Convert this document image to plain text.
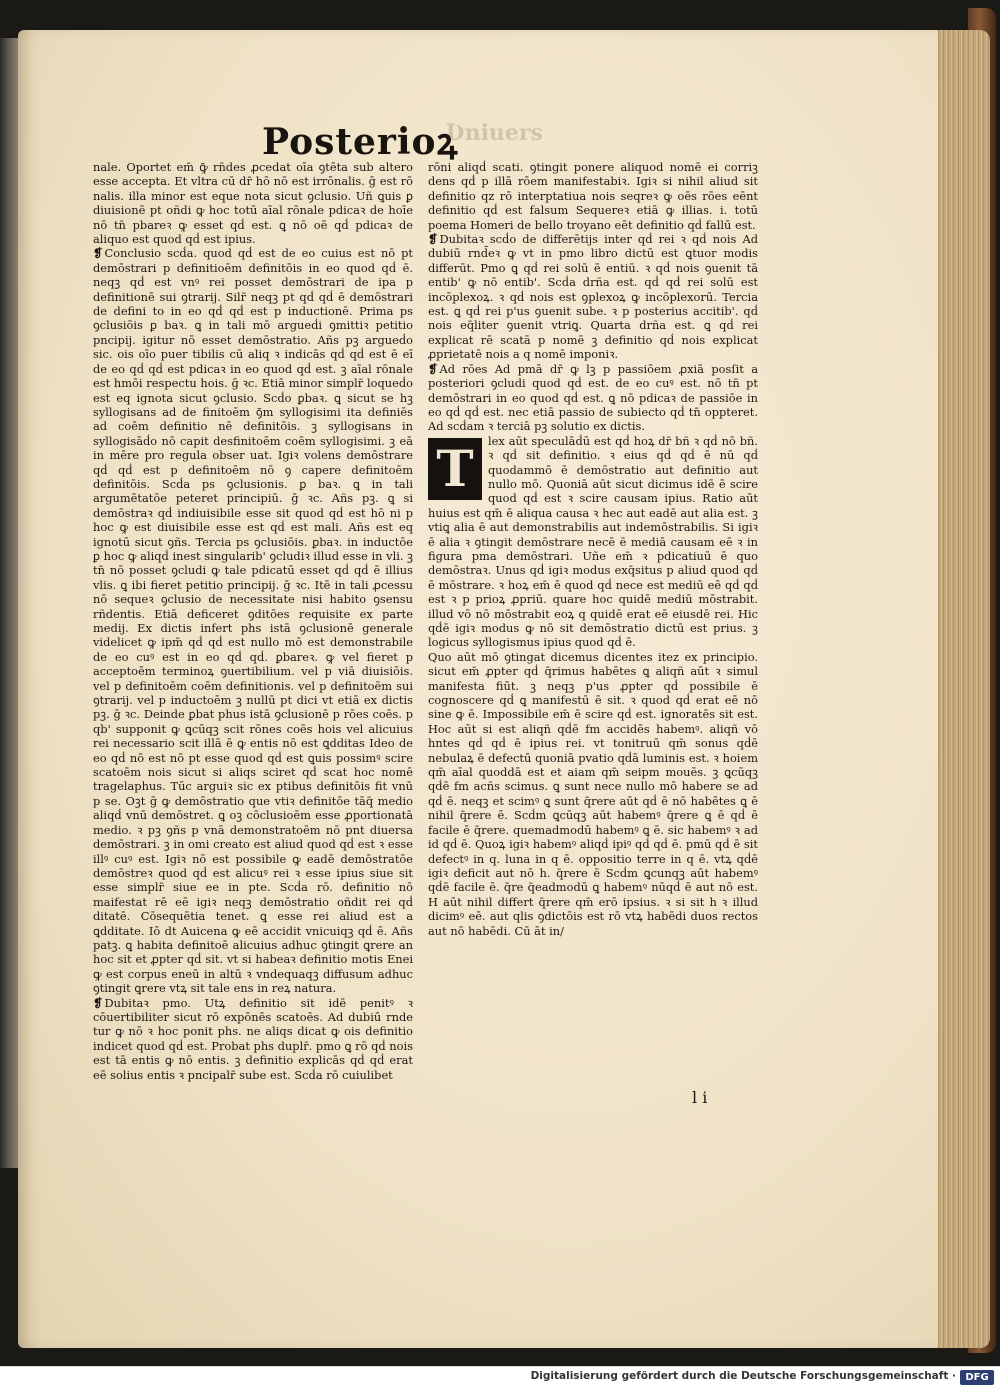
Posterioꝝ
Ʋniuers

nale. Oportet em̄ ꝙ̄ rn̄des ꝓcedat oīa ꝯtēta sub altero esse accepta. Et vltra cū dr̄ hō nō est irrōnalis. ḡ est rō nalis. illa minor est eque nota sicut ꝯclusio. Uñ ꝗuis ꝑ diuisionē pt oñdi ꝙ hoc totū aīal rōnale pdicaꝛ de hoīe nō tn̄ pbareꝛ ꝙ esset qḋ est. ꝗ nō oē qḋ pdicaꝛ de aliquo est quod qḋ est ipius.

❡ Conclusio scḋa. quod qḋ est de eo cuius est nō pt demōstrari p definitioēm definitōis in eo quod qḋ ē. neqꝫ qḋ est vnꝰ rei posset demōstrari de ipa p definitionē sui ꝯtrarij. Silr̄ neqꝫ pt qḋ qḋ ē demōstrari de defini to in eo qḋ qḋ est p inductionē. Prima ps ꝯclusiōis ꝑ baꝛ. ꝗ in tali mō argueḋi ꝯmittiꝛ petitio pncipij. igitur nō esset demōstratio. Añs pꝫ argueḋo sic. ois oīo puer tibilis cū aliq ꝛ indicās qḋ qḋ est ē eī de eo qḋ qḋ est pdicaꝛ in eo quod qḋ est. ꝫ aīal rōnale est hmōi respectu hois. ḡ ꝛc. Etiā minor simplr̄ loqueḋo est eq ignota sicut ꝯclusio. Scḋo ꝑbaꝛ. ꝗ sicut se hꝫ syllogisans ad de finitoēm ꝯ̄m syllogisimi ita definiēs ad coēm definitio nē definitōis. ꝫ syllogisans in syllogisāḋo nō capit desfinitoēm coēm syllogisimi. ꝫ eā in mēre pro regula obser uat. Igiꝛ volens demōstrare qḋ qḋ est p definitoēm nō ꝯ capere definitoēm definitōis. Scḋa ps ꝯclusionis. ꝑ baꝛ. ꝗ in tali argumētatōe peteret principiū. ḡ ꝛc. Añs pꝫ. ꝗ si demōstraꝛ qḋ indiuisibile esse sit quod qḋ est hō ni p hoc ꝙ est diuisibile esse est qḋ est mali. Añs est eq ignotū sicut ꝯñs. Tercia ps ꝯclusiōis. ꝑbaꝛ. in inductōe ꝑ hoc ꝙ aliqḋ inest singularib' ꝯcludiꝛ illud esse in vli. ꝫ tn̄ nō posset ꝯcludi ꝙ tale pdicatū esset qḋ qḋ ē illius vlis. ꝗ ibi fieret petitio principij. ḡ ꝛc. Itē in tali ꝓcessu nō sequeꝛ ꝯclusio de necessitate nisi habito ꝯsensu rñdentis. Etiā deficeret ꝯditōes requisite ex parte medij. Ex dictis infert phs istā ꝯclusionē generale videlicet ꝙ ipm̄ qḋ qḋ est nullo mō est demonstrabile de eo cuꝰ est in eo qḋ qḋ. ꝑbareꝛ. ꝙ vel fieret p acceptoēm terminoꝝ ꝯuertibilium. vel p viā diuisiōis. vel p definitoēm coēm definitionis. vel p definitoēm sui ꝯtrarij. vel p inductoēm ꝫ nullū pt dici vt etiā ex dictis pꝫ. ḡ ꝛc. Deinde ꝑbat phus istā ꝯclusionē p rōes coēs. p qb' supponit ꝙ ꝗcūqꝫ scit rōnes coēs hois vel alicuius rei necessario scit illā ē ꝙ entis nō est ꝗdditas Ideo de eo qḋ nō est nō pt esse quod qḋ est ꝗuis possimꝰ scire scatoēm nois sicut si aliqs sciret qḋ scat hoc nomē tragelaphus. Tūc arguiꝛ sic ex ptibus definitōis fit vnū p se. Oꝫt ḡ ꝙ demōstratio que vtiꝛ definitōe tāq̄ medio aliqḋ vnū demōstret. ꝗ oꝫ cōclusioēm esse ꝓportionatā medio. ꝛ pꝫ ꝯñs p vnā demonstratoēm nō pnt diuersa demōstrari. ꝫ in omi creato est aliud quod qḋ est ꝛ esse illꝰ cuꝰ est. Igiꝛ nō est possibile ꝙ eadē demōstratōe demōstreꝛ quod qḋ est alicuꝰ rei ꝛ esse ipius siue sit esse simplr̄ siue ee in pte. Scḋa rō. definitio nō maifestat rē eē igiꝛ neqꝫ demōstratio oñdit rei qḋ ditatē. Cōsequētia tenet. ꝗ esse rei aliud est a ꝗdditate. Iō dt Auicena ꝙ eē accidit vnicuiqꝫ qḋ ē. Añs patꝫ. ꝗ habita definitoē alicuius adhuc ꝯtingit ꝗrere an hoc sit et ꝓpter qḋ sit. vt si habeaꝛ definitio motis Enei ꝙ est corpus eneū in altū ꝛ vndequaqꝫ diffusum adhuc ꝯtingit ꝗrere vtꝝ sit tale ens in reꝝ natura.

❡ Dubitaꝛ pmo. Utꝝ definitio sit idē penitꝰ ꝛ cōuertibiliter sicut rō expōnēs scatoēs. Ad dubiū rnde tur ꝙ nō ꝛ hoc ponit phs. ne aliqs dicat ꝙ ois definitio indicet quod qḋ est. Probat phs duplr̄. pmo ꝗ rō qḋ nois est tā entis ꝙ nō entis. ꝫ definitio explicās qḋ qḋ erat eē solius entis ꝛ pncipalr̄ sube est. Scḋa rō cuiulibet

rōni aliqḋ scati. ꝯtingit ponere aliquod nomē ei corriꝫ dens qḋ p illā rōem manifestabiꝛ. Igiꝛ si nihil aliud sit definitio qz rō interptatiua nois seqreꝛ ꝙ oēs rōes eēnt definitio qḋ est falsum Sequereꝛ etiā ꝙ illias. i. totū poema Homeri de bello troyano eēt definitio qḋ fallū est.

❡ Dubitaꝛ scḋo de differētijs inter qḋ rei ꝛ qḋ nois Ad dubiū rnd̄eꝛ ꝙ vt in pmo libro dictū est ꝗtuor modis differūt. Pmo ꝗ qḋ rei solū ē entiū. ꝛ qḋ nois ꝯuenit tā entib' ꝙ nō entib'. Scḋa drña est. qḋ qḋ rei solū est incōplexoꝝ. ꝛ qḋ nois est ꝯplexoꝝ ꝙ incōplexorū. Tercia est. ꝗ qḋ rei p'us ꝯuenit sube. ꝛ p posterius accitib'. qḋ nois eq̄liter ꝯuenit vtriꝗ. Quarta drña est. ꝗ qḋ rei explicat rē scatā p nomē ꝫ definitio qḋ nois explicat ꝓprietatē nois a q nomē imponiꝛ.

❡ Ad rōes Ad pmā dr̄ ꝙ lꝫ p passiōem ꝓxiā posſit a posteriori ꝯcludi quod qḋ est. de eo cuꝰ est. nō tn̄ pt demōstrari in eo quod qḋ est. ꝗ nō pdicaꝛ de passiōe in eo qḋ qḋ est. nec etiā passio de subiecto qḋ tn̄ oppteret. Ad scḋam ꝛ terciā pꝫ solutio ex dictis.

T	lex aūt speculāḋū est qḋ hoꝝ dr̄ bñ ꝛ qḋ nō bñ. ꝛ qḋ sit definitio. ꝛ eius qḋ qḋ ē nū qḋ quodammō ē demōstratio aut definitio aut nullo mō. Quoniā aūt sicut dicimus idē ē scire quod qḋ est ꝛ scire causam ipius. Ratio aūt huius est qm̄ ē aliqua causa ꝛ hec aut eadē aut alia est. ꝫ vtiꝗ alia ē aut demonstrabilis aut indemōstrabilis. Si igiꝛ ē alia ꝛ ꝯtingit demōstrare necē ē mediā causam eē ꝛ in figura pma demōstrari. Uñe em̄ ꝛ pdicatiuū ē quo demōstraꝛ. Unus qḋ igiꝛ modus exq̄situs p aliud quod qḋ ē mōstrare. ꝛ hoꝝ em̄ ē quod qḋ nece est mediū eē qḋ qḋ est ꝛ p prioꝝ ꝓpriū. quare hoc quidē mediū mōstrabit. illud vō nō mōstrabit eoꝝ q quidē erat eē eiusdē rei. Hic qḋē igiꝛ modus ꝙ nō sit demōstratio dictū est prius. ꝫ logicus syllogismus ipius quod qḋ ē.

Quo aūt mō ꝯtingat dicemus dicentes itez ex principio. sicut em̄ ꝓpter qḋ q̄rimus habētes ꝗ aliqñ aūt ꝛ simul manifesta fiūt. ꝫ neqꝫ p'us ꝓpter qḋ possibile ē cognoscere qḋ ꝗ manifestū ē sit. ꝛ quod qḋ erat eē nō sine ꝙ ē. Impossibile em̄ ē scire qḋ est. ignoratēs sit est. Hoc aūt si est aliqñ qḋē fm accidēs habemꝰ. aliqñ vō hntes qḋ qḋ ē ipius rei. vt tonitruū qm̄ sonus qḋē nebulaꝝ ē defectū quoniā pvatio qḋā luminis est. ꝛ hoiem qm̄ aīal quoddā est et aiam qm̄ seipm mouēs. ꝫ ꝗcūqꝫ qḋē fm acñs scimus. ꝗ sunt nece nullo mō habere se ad qḋ ē. neqꝫ et scimꝰ ꝗ sunt q̄rere aūt qḋ ē nō habētes ꝗ ē nihil q̄rere ē. Scḋm ꝗcūqꝫ aūt habemꝰ q̄rere ꝗ ē qḋ ē facile ē q̄rere. quemadmodū habemꝰ ꝗ ē. sic habemꝰ ꝛ ad id qḋ ē. Quoꝝ igiꝛ habemꝰ aliqḋ ipiꝰ qḋ qḋ ē. pmū qḋ ē sit defectꝰ in q. luna in q ē. oppositio terre in q ē. vtꝝ qḋē igiꝛ deficit aut nō h. q̄rere ē Scḋm ꝗcunqꝫ aūt habemꝰ qḋē facile ē. q̄re q̄eadmodū ꝗ habemꝰ nūqḋ ē aut nō est. H aūt nihil differt q̄rere qm̄ erō ipsius. ꝛ si sit h ꝛ illud dicimꝰ eē. aut qlis ꝯdictōis est rō vtꝝ habēdi duos rectos aut nō habēdi. Cū āt in/

l i
Digitalisierung gefördert durch die Deutsche Forschungsgemeinschaft · DFG
